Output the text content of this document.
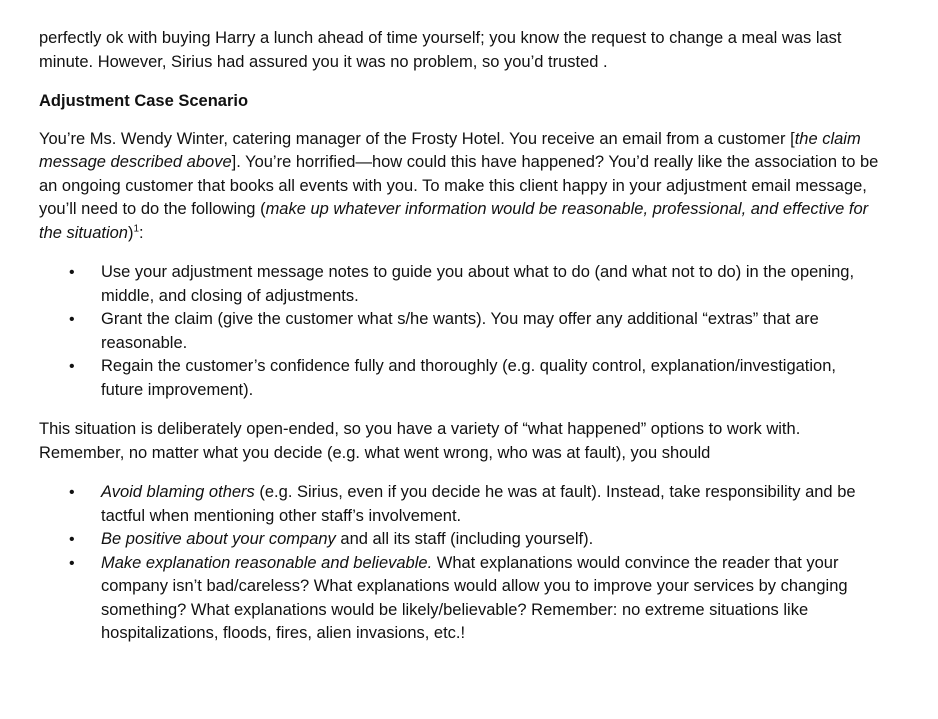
perfectly ok with buying Harry a lunch ahead of time yourself; you know the request to change a meal was last minute. However, Sirius had assured you it was no problem, so you’d trusted .

Adjustment Case Scenario

You’re Ms. Wendy Winter, catering manager of the Frosty Hotel. You receive an email from a customer [the claim message described above]. You’re horrified—how could this have happened? You’d really like the association to be an ongoing customer that books all events with you. To make this client happy in your adjustment email message, you’ll need to do the following (make up whatever information would be reasonable, professional, and effective for the situation)$^1$:

• Use your adjustment message notes to guide you about what to do (and what not to do) in the opening, middle, and closing of adjustments.
• Grant the claim (give the customer what s/he wants). You may offer any additional “extras” that are reasonable.
• Regain the customer’s confidence fully and thoroughly (e.g. quality control, explanation/investigation, future improvement).

This situation is deliberately open-ended, so you have a variety of “what happened” options to work with. Remember, no matter what you decide (e.g. what went wrong, who was at fault), you should

• Avoid blaming others (e.g. Sirius, even if you decide he was at fault). Instead, take responsibility and be tactful when mentioning other staff’s involvement.
• Be positive about your company and all its staff (including yourself).
• Make explanation reasonable and believable. What explanations would convince the reader that your company isn’t bad/careless? What explanations would allow you to improve your services by changing something? What explanations would be likely/believable? Remember: no extreme situations like hospitalizations, floods, fires, alien invasions, etc.!
